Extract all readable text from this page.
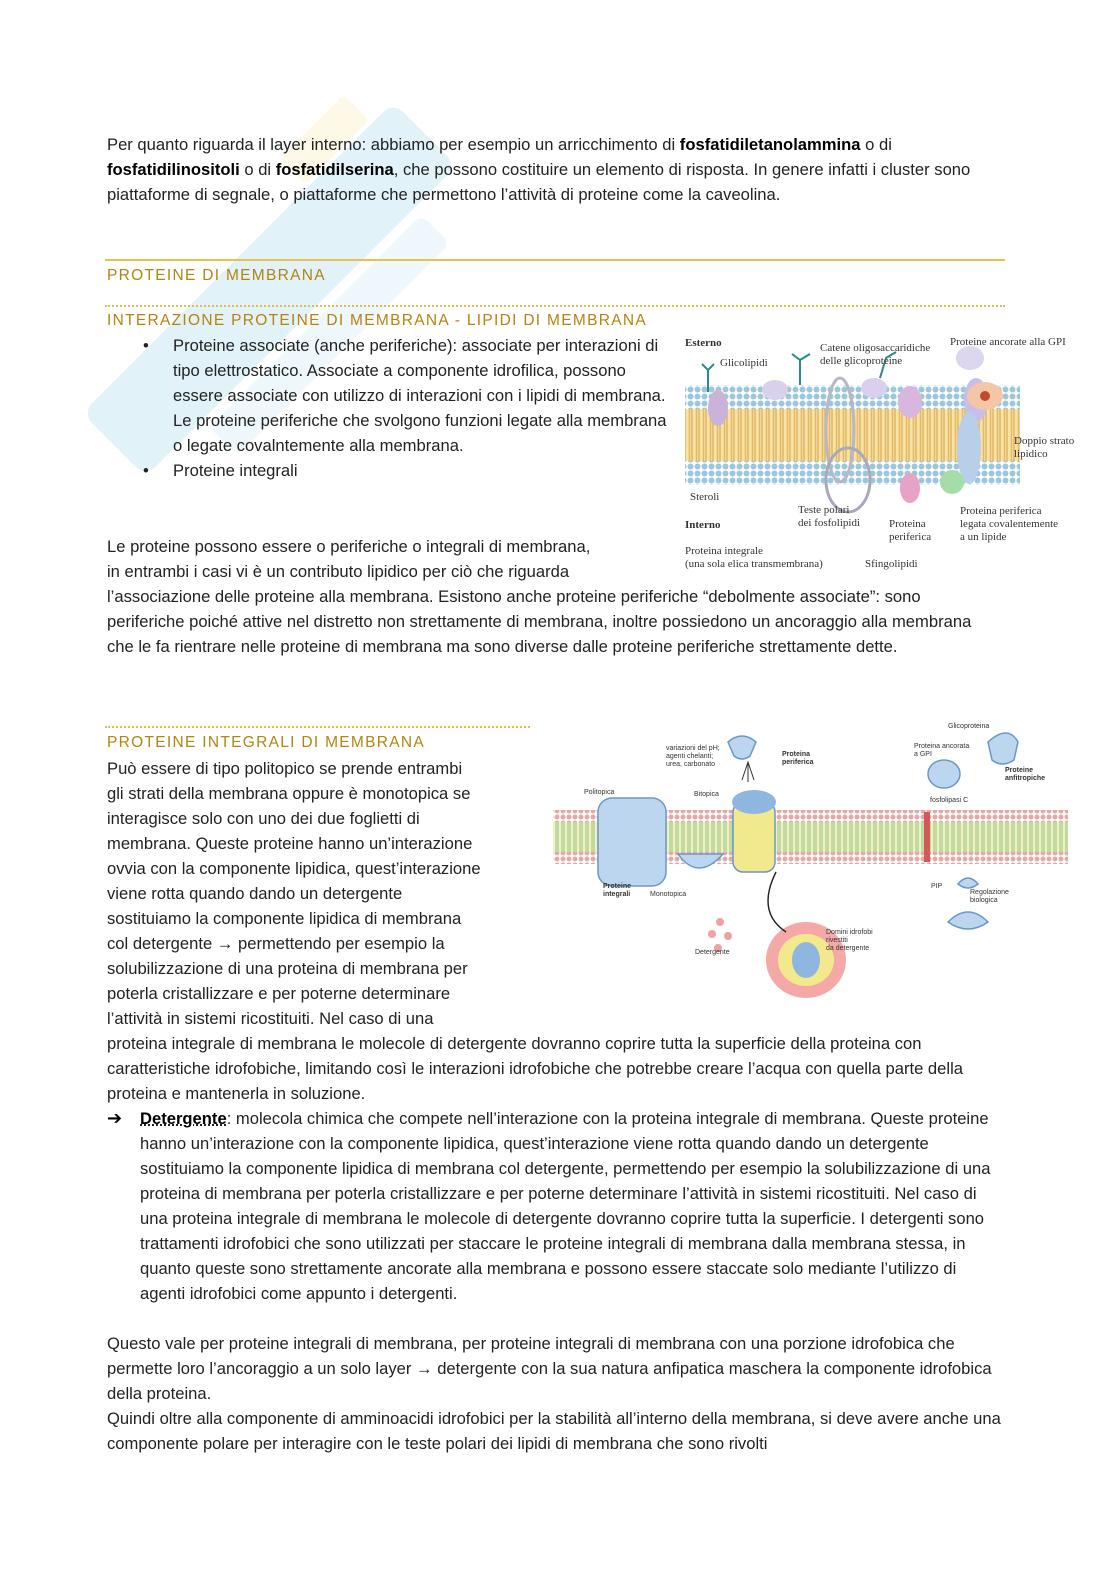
Per quanto riguarda il layer interno: abbiamo per esempio un arricchimento di fosfatidiletanolammina o di fosfatidilinositoli o di fosfatidilserina, che possono costituire un elemento di risposta. In genere infatti i cluster sono piattaforme di segnale, o piattaforme che permettono l’attività di proteine come la caveolina.

PROTEINE DI MEMBRANA
INTERAZIONE PROTEINE DI MEMBRANA - LIPIDI DI MEMBRANA
• Proteine associate (anche periferiche): associate per interazioni di tipo elettrostatico. Associate a componente idrofilica, possono essere associate con utilizzo di interazioni con i lipidi di membrana. Le proteine periferiche che svolgono funzioni legate alla membrana o legate covalntemente alla membrana.
• Proteine integrali

Le proteine possono essere o periferiche o integrali di membrana,

in entrambi i casi vi è un contributo lipidico per ciò che riguarda

l’associazione delle proteine alla membrana. Esistono anche proteine periferiche “debolmente associate”: sono periferiche poiché attive nel distretto non strettamente di membrana, inoltre possiedono un ancoraggio alla membrana che le fa rientrare nelle proteine di membrana ma sono diverse dalle proteine periferiche strettamente dette.

Esterno
Glicolipidi
Catene oligosaccaridiche
delle glicoproteine
Proteine ancorate alla GPI
Doppio strato
lipidico
Steroli
Teste polari
dei fosfolipidi
Interno
Proteina integrale
(una sola elica transmembrana)
Proteina
periferica
Sfingolipidi
Proteina periferica
legata covalentemente
a un lipide
PROTEINE INTEGRALI DI MEMBRANA

Può essere di tipo politopico se prende entrambi

gli strati della membrana oppure è monotopica se

interagisce solo con uno dei due foglietti di

membrana. Queste proteine hanno un’interazione

ovvia con la componente lipidica, quest’interazione

viene rotta quando dando un detergente

sostituiamo la componente lipidica di membrana

col detergente → permettendo per esempio la

solubilizzazione di una proteina di membrana per

poterla cristallizzare e per poterne determinare

l’attività in sistemi ricostituiti. Nel caso di una

proteina integrale di membrana le molecole di detergente dovranno coprire tutta la superficie della proteina con caratteristiche idrofobiche, limitando così le interazioni idrofobiche che potrebbe creare l’acqua con quella parte della proteina e mantenerla in soluzione.

➔	Detergente: molecola chimica che compete nell’interazione con la proteina integrale di membrana. Queste proteine hanno un’interazione con la componente lipidica, quest’interazione viene rotta quando dando un detergente sostituiamo la componente lipidica di membrana col detergente, permettendo per esempio la solubilizzazione di una proteina di membrana per poterla cristallizzare e per poterne determinare l’attività in sistemi ricostituiti. Nel caso di una proteina integrale di membrana le molecole di detergente dovranno coprire tutta la superficie. I detergenti sono trattamenti idrofobici che sono utilizzati per staccare le proteine integrali di membrana dalla membrana stessa, in quanto queste sono strettamente ancorate alla membrana e possono essere staccate solo mediante l’utilizzo di agenti idrofobici come appunto i detergenti.

Questo vale per proteine integrali di membrana, per proteine integrali di membrana con una porzione idrofobica che permette loro l’ancoraggio a un solo layer → detergente con la sua natura anfipatica maschera la componente idrofobica della proteina.

Quindi oltre alla componente di amminoacidi idrofobici per la stabilità all’interno della membrana, si deve avere anche una componente polare per interagire con le teste polari dei lipidi di membrana che sono rivolti

variazioni del pH;
agenti chelanti;
urea, carbonato
Proteina
periferica
Glicoproteina
Proteina ancorata
a GPI
Proteine
anfitropiche
Politopica	Bitopica
fosfolipasi C
Proteine
integrali	Monotopica
PIP
Regolazione
biologica
Detergente
Domini idrofobi
rivestiti
da detergente
